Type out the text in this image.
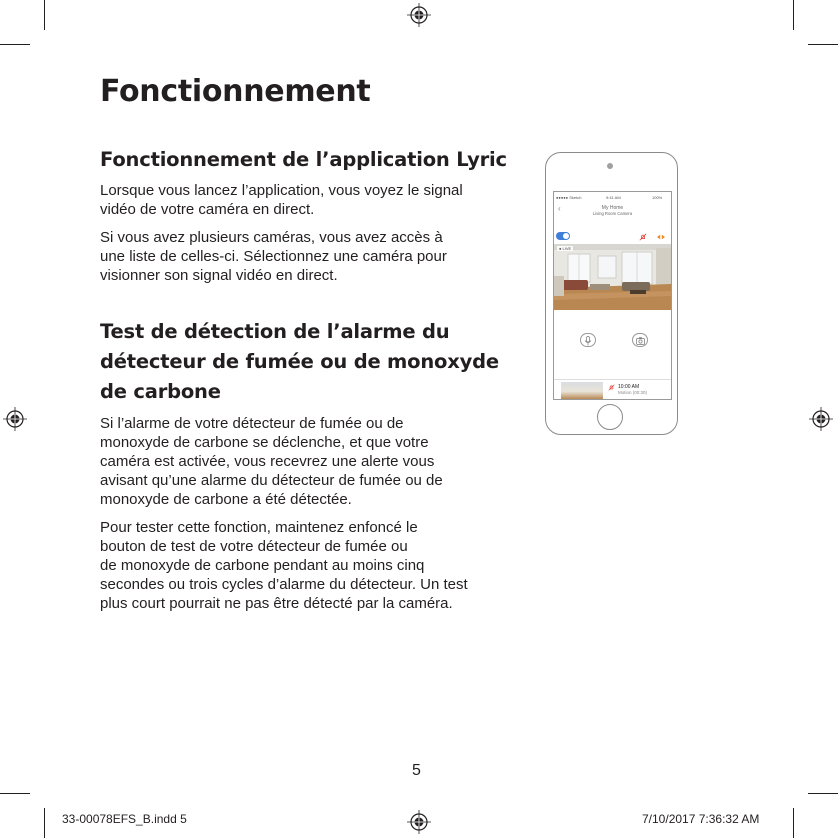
Fonctionnement
Fonctionnement de l’application Lyric

Lorsque vous lancez l’application, vous voyez le signal
vidéo de votre caméra en direct.

Si vous avez plusieurs caméras, vous avez accès à
une liste de celles-ci. Sélectionnez une caméra pour
visionner son signal vidéo en direct.

Test de détection de l’alarme du
détecteur de fumée ou de monoxyde
de carbone

Si l’alarme de votre détecteur de fumée ou de
monoxyde de carbone se déclenche, et que votre
caméra est activée, vous recevrez une alerte vous
avisant qu’une alarme du détecteur de fumée ou de
monoxyde de carbone a été détectée.

Pour tester cette fonction, maintenez enfoncé le
bouton de test de votre détecteur de fumée ou
de monoxyde de carbone pendant au moins cinq
secondes ou trois cycles d’alarme du détecteur. Un test
plus court pourrait ne pas être détecté par la caméra.

●●●●● Sketch	9:41 AM	100%
‹	My Home
Living Room Camera
● LIVE
10:00 AM
Motion (00:30)
5
33-00078EFS_B.indd 5	7/10/2017 7:36:32 AM
